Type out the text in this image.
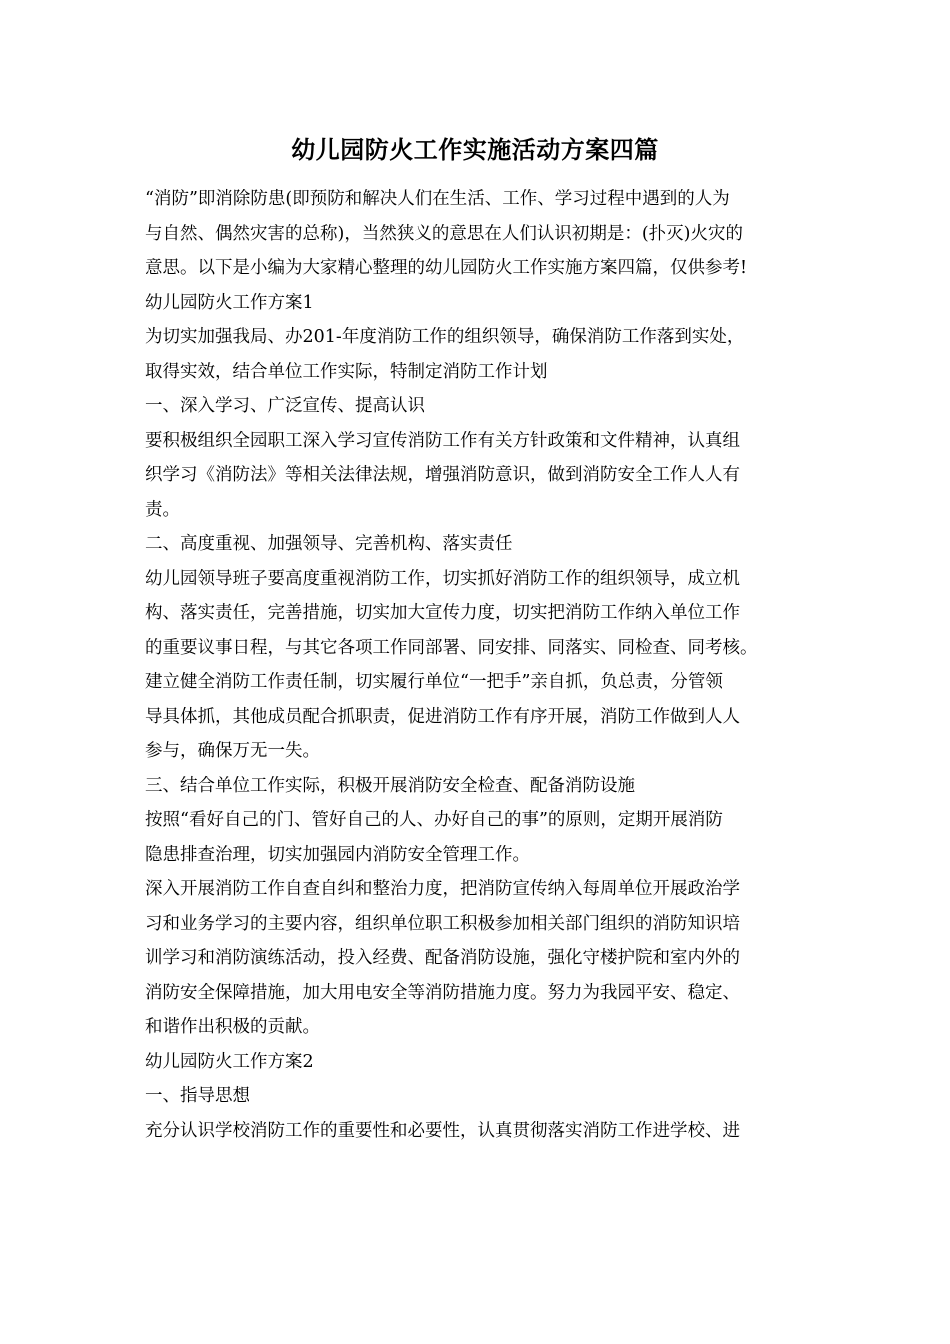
幼儿园防火工作实施活动方案四篇
“消防”即消除防患(即预防和解决人们在生活、工作、学习过程中遇到的人为
与自然、偶然灾害的总称)，当然狭义的意思在人们认识初期是：(扑灭)火灾的
意思。以下是小编为大家精心整理的幼儿园防火工作实施方案四篇，仅供参考!
幼儿园防火工作方案1
为切实加强我局、办201-年度消防工作的组织领导，确保消防工作落到实处，
取得实效，结合单位工作实际，特制定消防工作计划
一、深入学习、广泛宣传、提高认识
要积极组织全园职工深入学习宣传消防工作有关方针政策和文件精神，认真组
织学习《消防法》等相关法律法规，增强消防意识，做到消防安全工作人人有
责。
二、高度重视、加强领导、完善机构、落实责任
幼儿园领导班子要高度重视消防工作，切实抓好消防工作的组织领导，成立机
构、落实责任，完善措施，切实加大宣传力度，切实把消防工作纳入单位工作
的重要议事日程，与其它各项工作同部署、同安排、同落实、同检查、同考核。
建立健全消防工作责任制，切实履行单位“一把手”亲自抓，负总责，分管领
导具体抓，其他成员配合抓职责，促进消防工作有序开展，消防工作做到人人
参与，确保万无一失。
三、结合单位工作实际，积极开展消防安全检查、配备消防设施
按照“看好自己的门、管好自己的人、办好自己的事”的原则，定期开展消防
隐患排查治理，切实加强园内消防安全管理工作。
深入开展消防工作自查自纠和整治力度，把消防宣传纳入每周单位开展政治学
习和业务学习的主要内容，组织单位职工积极参加相关部门组织的消防知识培
训学习和消防演练活动，投入经费、配备消防设施，强化守楼护院和室内外的
消防安全保障措施，加大用电安全等消防措施力度。努力为我园平安、稳定、
和谐作出积极的贡献。
幼儿园防火工作方案2
一、指导思想
充分认识学校消防工作的重要性和必要性，认真贯彻落实消防工作进学校、进
